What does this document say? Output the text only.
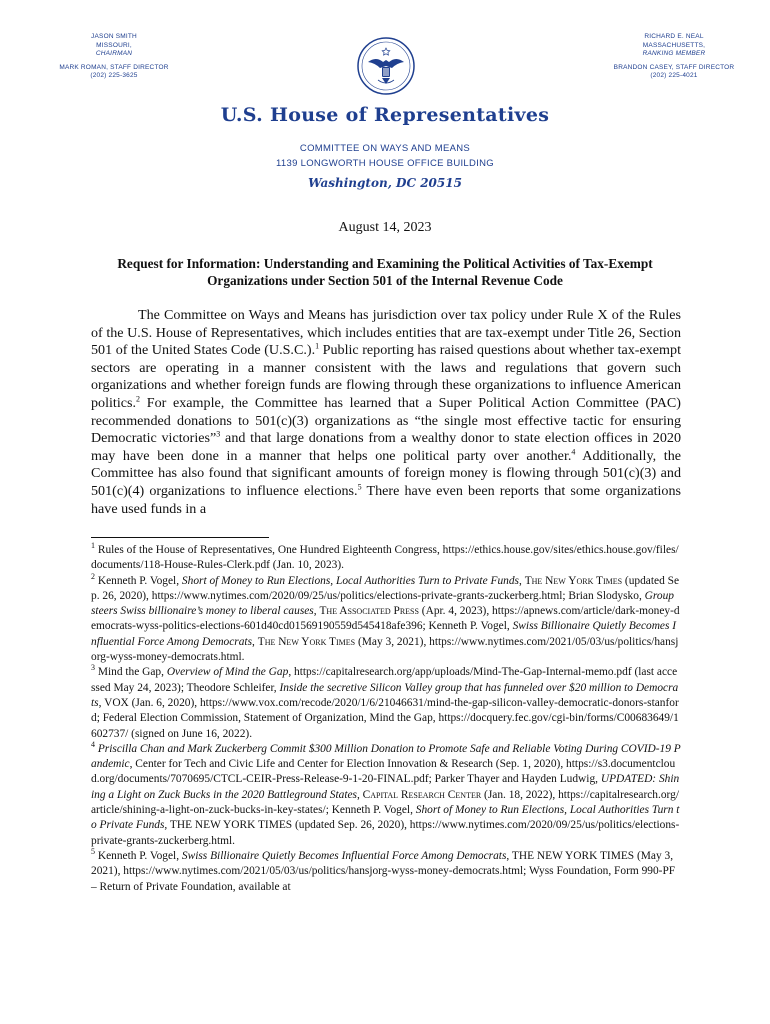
JASON SMITH
MISSOURI,
CHAIRMAN
MARK ROMAN, STAFF DIRECTOR
(202) 225-3625
RICHARD E. NEAL
MASSACHUSETTS,
RANKING MEMBER
BRANDON CASEY, STAFF DIRECTOR
(202) 225-4021
U.S. House of Representatives
COMMITTEE ON WAYS AND MEANS
1139 LONGWORTH HOUSE OFFICE BUILDING
Washington, DC 20515
August 14, 2023
Request for Information: Understanding and Examining the Political Activities of Tax-Exempt Organizations under Section 501 of the Internal Revenue Code

The Committee on Ways and Means has jurisdiction over tax policy under Rule X of the Rules of the U.S. House of Representatives, which includes entities that are tax-exempt under Title 26, Section 501 of the United States Code (U.S.C.).$^1$ Public reporting has raised questions about whether tax-exempt sectors are operating in a manner consistent with the laws and regulations that govern such organizations and whether foreign funds are flowing through these organizations to influence American politics.$^2$ For example, the Committee has learned that a Super Political Action Committee (PAC) recommended donations to 501(c)(3) organizations as “the single most effective tactic for ensuring Democratic victories”$^3$ and that large donations from a wealthy donor to state election offices in 2020 may have been done in a manner that helps one political party over another.$^4$ Additionally, the Committee has also found that significant amounts of foreign money is flowing through 501(c)(3) and 501(c)(4) organizations to influence elections.$^5$ There have even been reports that some organizations have used funds in a

$^1$ Rules of the House of Representatives, One Hundred Eighteenth Congress, https://ethics.house.gov/sites/ethics.house.gov/files/documents/118-House-Rules-Clerk.pdf (Jan. 10, 2023).

$^2$ Kenneth P. Vogel, Short of Money to Run Elections, Local Authorities Turn to Private Funds, The New York Times (updated Sep. 26, 2020), https://www.nytimes.com/2020/09/25/us/politics/elections-private-grants-zuckerberg.html; Brian Slodysko, Group steers Swiss billionaire’s money to liberal causes, The Associated Press (Apr. 4, 2023), https://apnews.com/article/dark-money-democrats-wyss-politics-elections-601d40cd01569190559d545418afe396; Kenneth P. Vogel, Swiss Billionaire Quietly Becomes Influential Force Among Democrats, The New York Times (May 3, 2021), https://www.nytimes.com/2021/05/03/us/politics/hansjorg-wyss-money-democrats.html.

$^3$ Mind the Gap, Overview of Mind the Gap, https://capitalresearch.org/app/uploads/Mind-The-Gap-Internal-memo.pdf (last accessed May 24, 2023); Theodore Schleifer, Inside the secretive Silicon Valley group that has funneled over $20 million to Democrats, VOX (Jan. 6, 2020), https://www.vox.com/recode/2020/1/6/21046631/mind-the-gap-silicon-valley-democratic-donors-stanford; Federal Election Commission, Statement of Organization, Mind the Gap, https://docquery.fec.gov/cgi-bin/forms/C00683649/1602737/ (signed on June 16, 2022).

$^4$ Priscilla Chan and Mark Zuckerberg Commit $300 Million Donation to Promote Safe and Reliable Voting During COVID-19 Pandemic, Center for Tech and Civic Life and Center for Election Innovation & Research (Sep. 1, 2020), https://s3.documentcloud.org/documents/7070695/CTCL-CEIR-Press-Release-9-1-20-FINAL.pdf; Parker Thayer and Hayden Ludwig, UPDATED: Shining a Light on Zuck Bucks in the 2020 Battleground States, Capital Research Center (Jan. 18, 2022), https://capitalresearch.org/article/shining-a-light-on-zuck-bucks-in-key-states/; Kenneth P. Vogel, Short of Money to Run Elections, Local Authorities Turn to Private Funds, THE NEW YORK TIMES (updated Sep. 26, 2020), https://www.nytimes.com/2020/09/25/us/politics/elections-private-grants-zuckerberg.html.

$^5$ Kenneth P. Vogel, Swiss Billionaire Quietly Becomes Influential Force Among Democrats, THE NEW YORK TIMES (May 3, 2021), https://www.nytimes.com/2021/05/03/us/politics/hansjorg-wyss-money-democrats.html; Wyss Foundation, Form 990-PF – Return of Private Foundation, available at
